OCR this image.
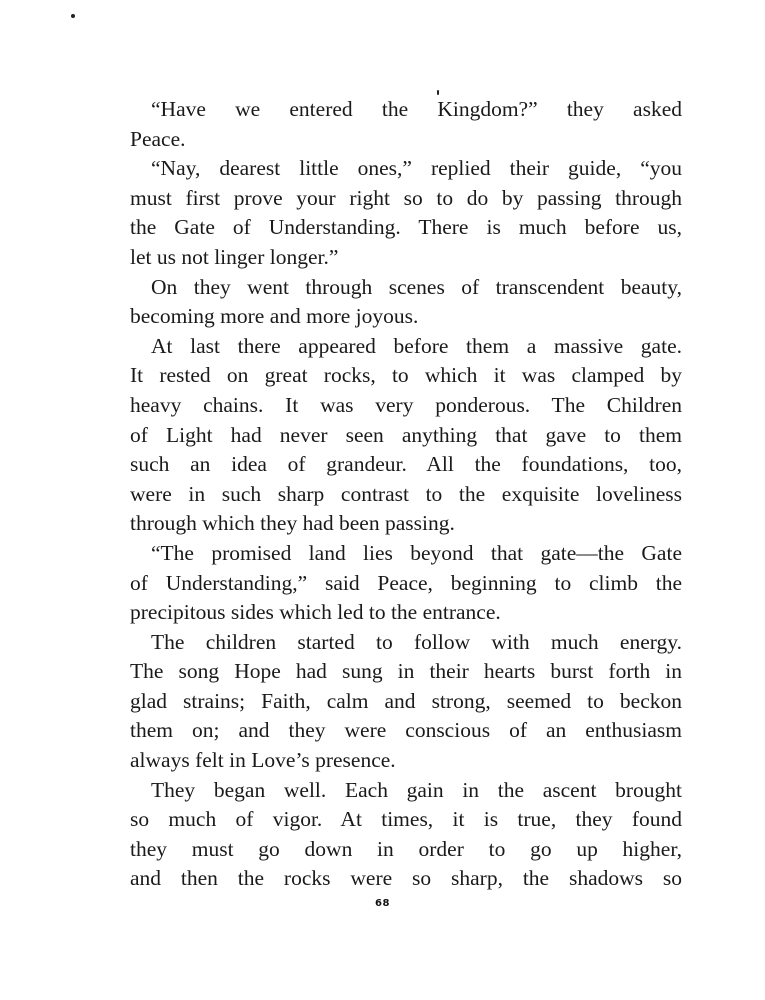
“Have we entered the Kingdom?” they asked
Peace.
“Nay, dearest little ones,” replied their guide, “you
must first prove your right so to do by passing through
the Gate of Understanding. There is much before us,
let us not linger longer.”
On they went through scenes of transcendent beauty,
becoming more and more joyous.
At last there appeared before them a massive gate.
It rested on great rocks, to which it was clamped by
heavy chains. It was very ponderous. The Children
of Light had never seen anything that gave to them
such an idea of grandeur. All the foundations, too,
were in such sharp contrast to the exquisite loveliness
through which they had been passing.
“The promised land lies beyond that gate—the Gate
of Understanding,” said Peace, beginning to climb the
precipitous sides which led to the entrance.
The children started to follow with much energy.
The song Hope had sung in their hearts burst forth in
glad strains; Faith, calm and strong, seemed to beckon
them on; and they were conscious of an enthusiasm
always felt in Love’s presence.
They began well. Each gain in the ascent brought
so much of vigor. At times, it is true, they found
they must go down in order to go up higher,
and then the rocks were so sharp, the shadows so
68
